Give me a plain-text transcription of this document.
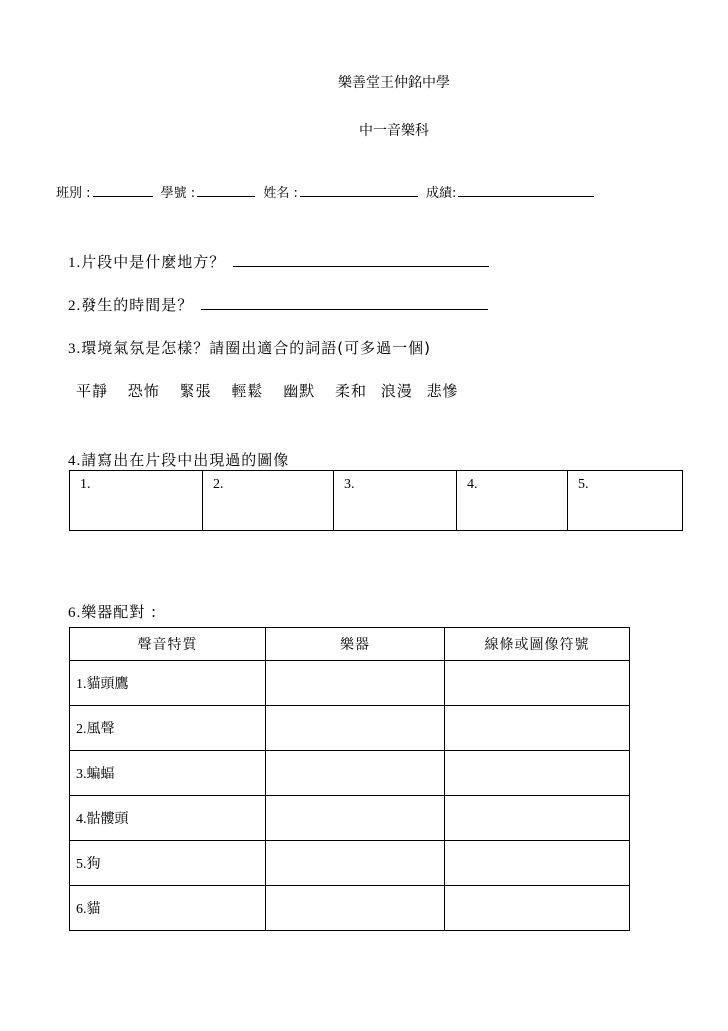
樂善堂王仲銘中學
中一音樂科
班別 :	學號 :	姓名 :	成績:
1.片段中是什麼地方？
2.發生的時間是？
3.環境氣氛是怎樣？請圈出適合的詞語(可多過一個)
平靜 恐怖 緊張 輕鬆 幽默 柔和 浪漫 悲慘
4.請寫出在片段中出現過的圖像
1.	2.	3.	4.	5.
6.樂器配對 :
聲音特質	樂器	線條或圖像符號
1.貓頭鷹		
2.風聲		
3.蝙蝠		
4.骷髏頭		
5.狗		
6.貓		
